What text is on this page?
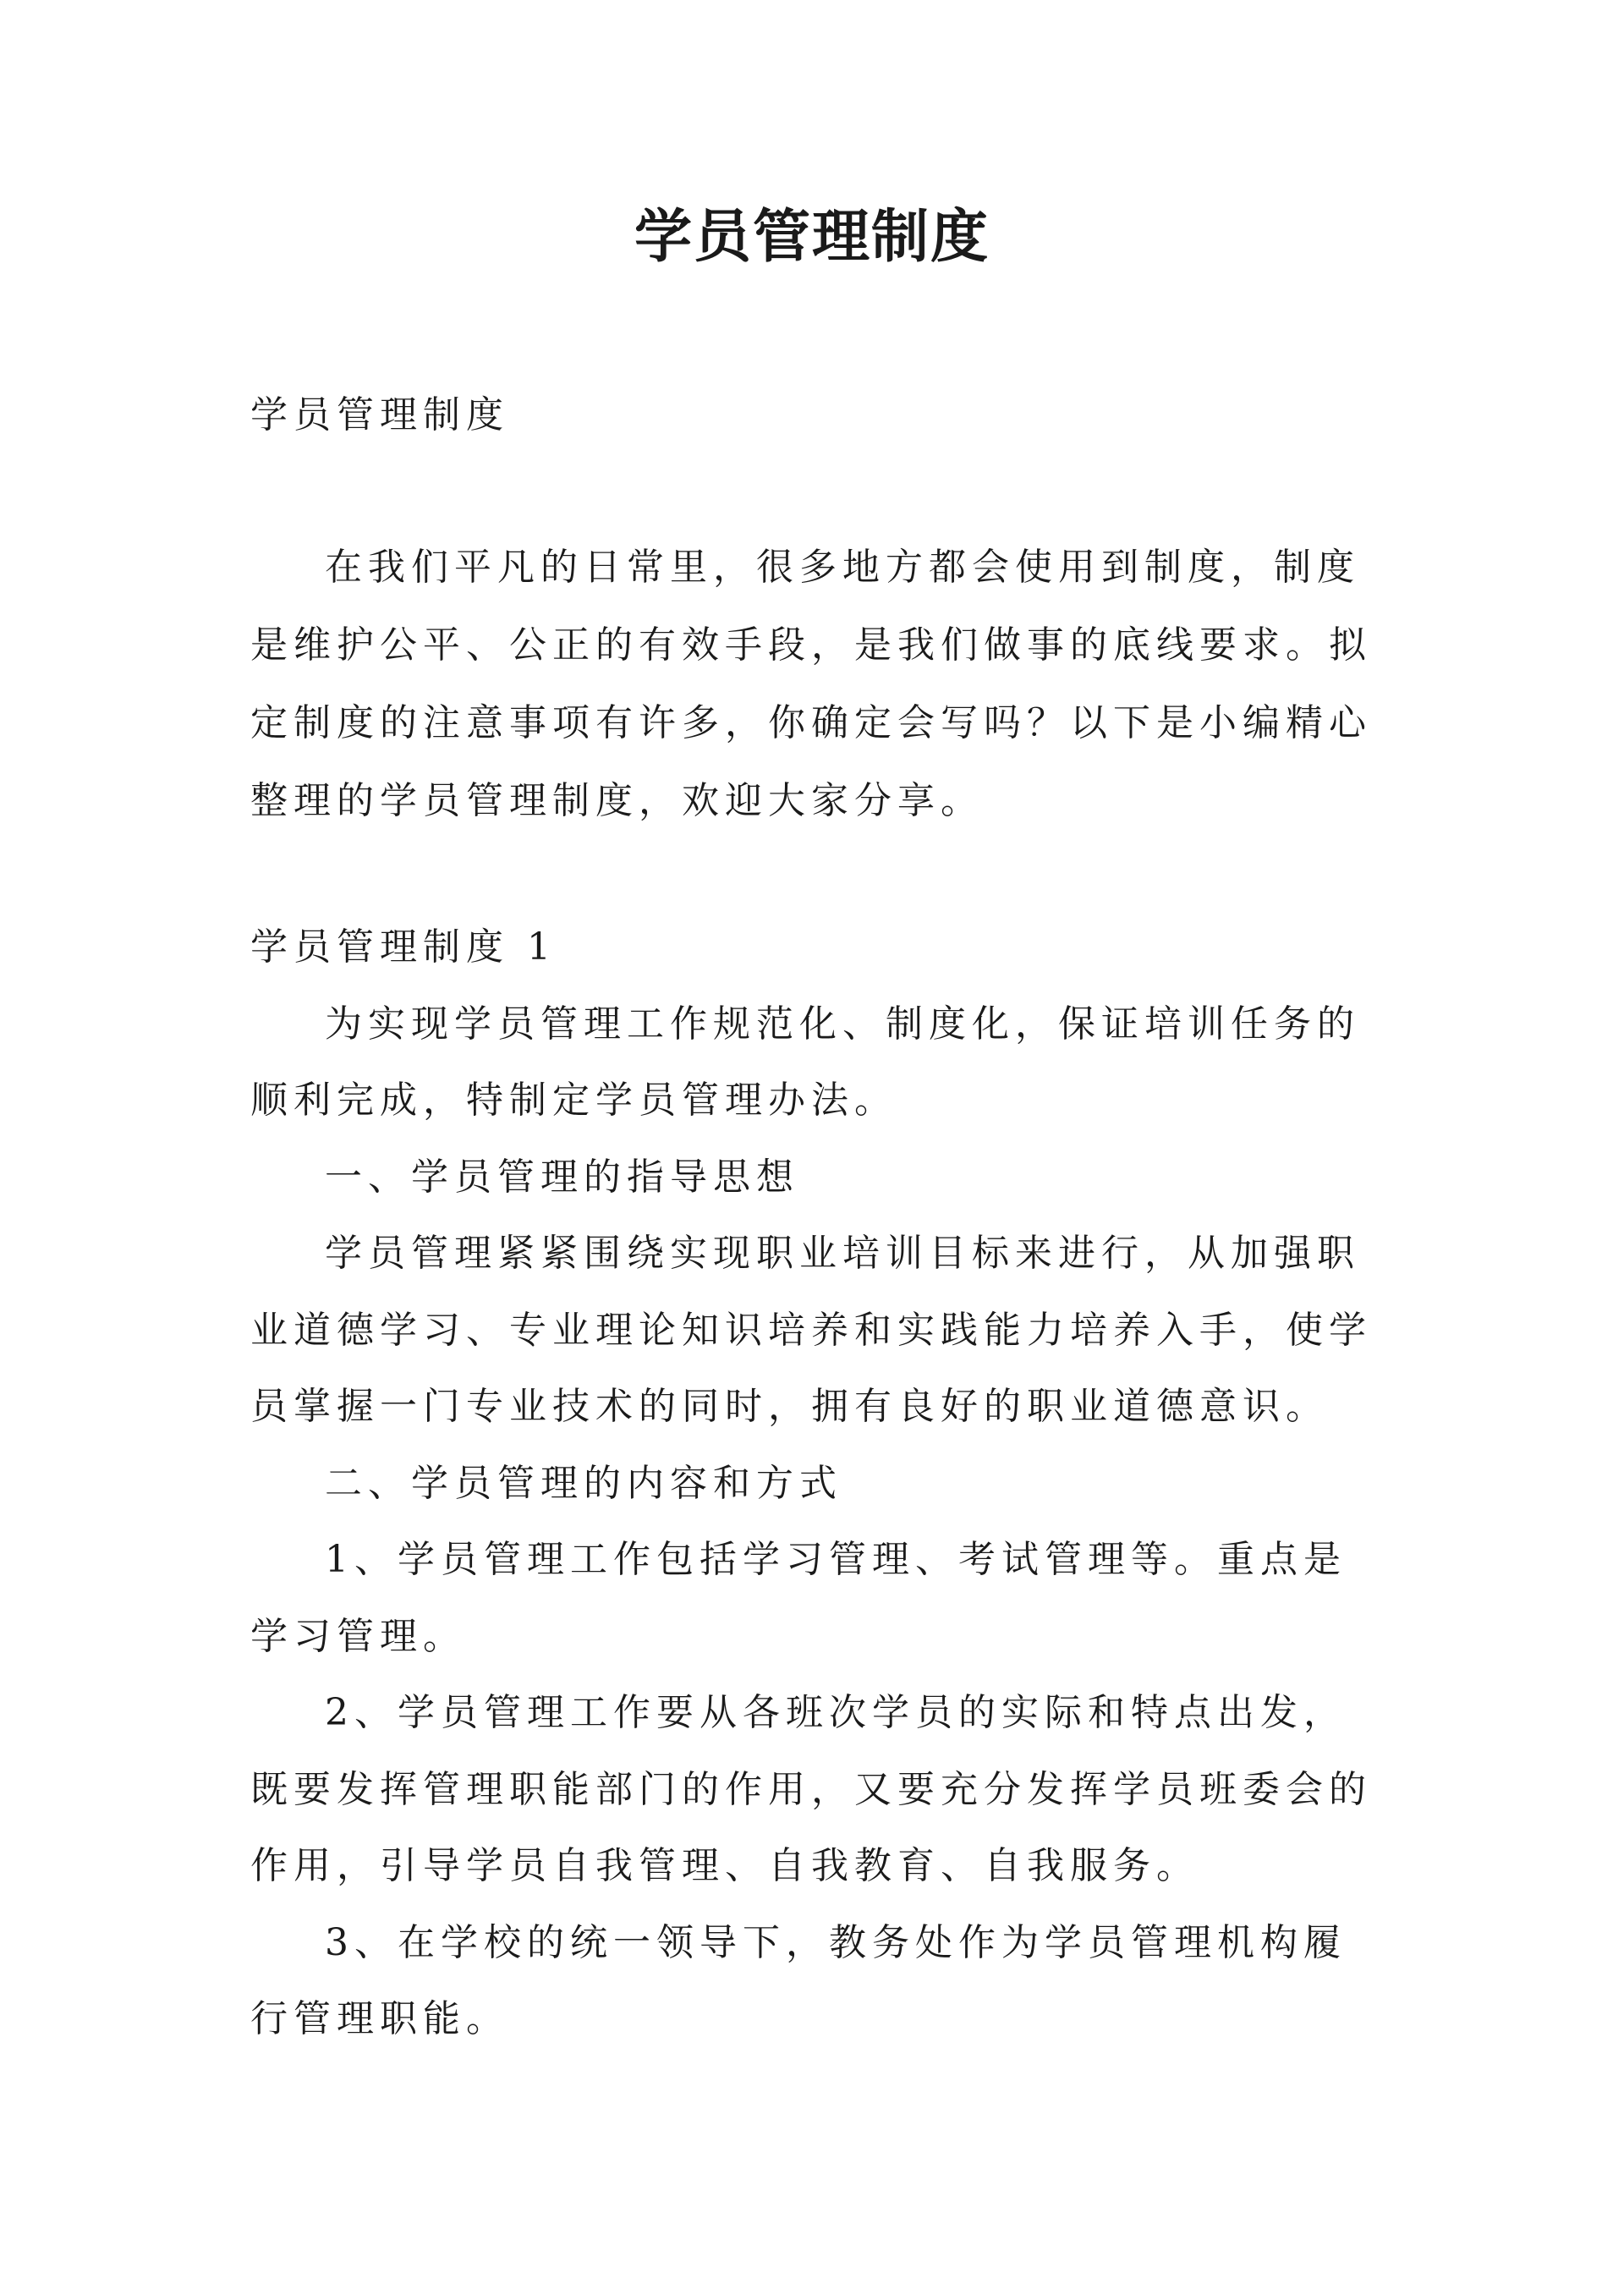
学员管理制度
学员管理制度

在我们平凡的日常里，很多地方都会使用到制度，制度是维护公平、公正的有效手段，是我们做事的底线要求。拟定制度的注意事项有许多，你确定会写吗？以下是小编精心整理的学员管理制度，欢迎大家分享。

学员管理制度 1

为实现学员管理工作规范化、制度化，保证培训任务的顺利完成，特制定学员管理办法。

一、学员管理的指导思想

学员管理紧紧围绕实现职业培训目标来进行，从加强职业道德学习、专业理论知识培养和实践能力培养入手，使学员掌握一门专业技术的同时，拥有良好的职业道德意识。

二、学员管理的内容和方式

1、学员管理工作包括学习管理、考试管理等。重点是学习管理。

2、学员管理工作要从各班次学员的实际和特点出发，既要发挥管理职能部门的作用，又要充分发挥学员班委会的作用，引导学员自我管理、自我教育、自我服务。

3、在学校的统一领导下，教务处作为学员管理机构履行管理职能。
